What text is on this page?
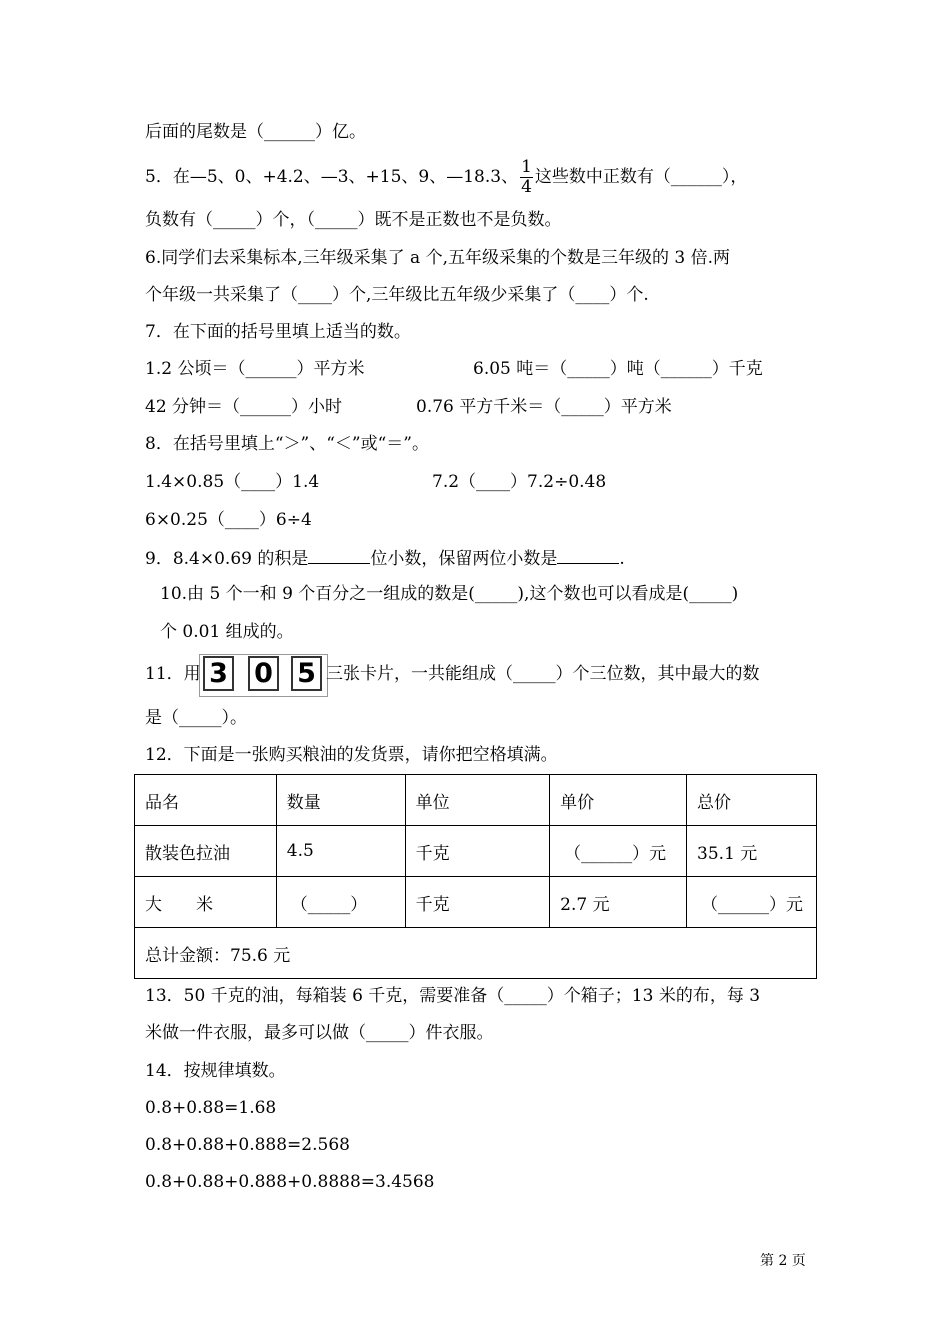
后面的尾数是（______）亿。
5．在—5、0、+4.2、—3、+15、9、—18.3、 $\frac{1}{4}$ 这些数中正数有（______），
负数有（_____）个，（_____）既不是正数也不是负数。
6.同学们去采集标本,三年级采集了 a 个,五年级采集的个数是三年级的 3 倍.两
个年级一共采集了（____）个,三年级比五年级少采集了（____）个.
7．在下面的括号里填上适当的数。
1.2 公顷＝（______）平方米	6.05 吨＝（_____）吨（______）千克
42 分钟＝（______）小时	0.76 平方千米＝（_____）平方米
8．在括号里填上“＞”、“＜”或“＝”。
1.4×0.85（____）1.4	7.2（____）7.2÷0.48
6×0.25（____）6÷4
9．8.4×0.69 的积是	位小数，保留两位小数是	.
10.由 5 个一和 9 个百分之一组成的数是(_____),这个数也可以看成是(_____)
个 0.01 组成的。
11．用 3 0 5 三张卡片，一共能组成（_____）个三位数，其中最大的数
是（_____）。
12．下面是一张购买粮油的发货票，请你把空格填满。
品名	数量	单位	单价	总价
散装色拉油	4.5	千克	（______）元	35.1 元
大　　米	（_____）	千克	2.7 元	（______）元
总计金额：75.6 元				
13．50 千克的油，每箱装 6 千克，需要准备（_____）个箱子；13 米的布，每 3
米做一件衣服，最多可以做（_____）件衣服。
14．按规律填数。
0.8+0.88=1.68
0.8+0.88+0.888=2.568
0.8+0.88+0.888+0.8888=3.4568
第 2 页
